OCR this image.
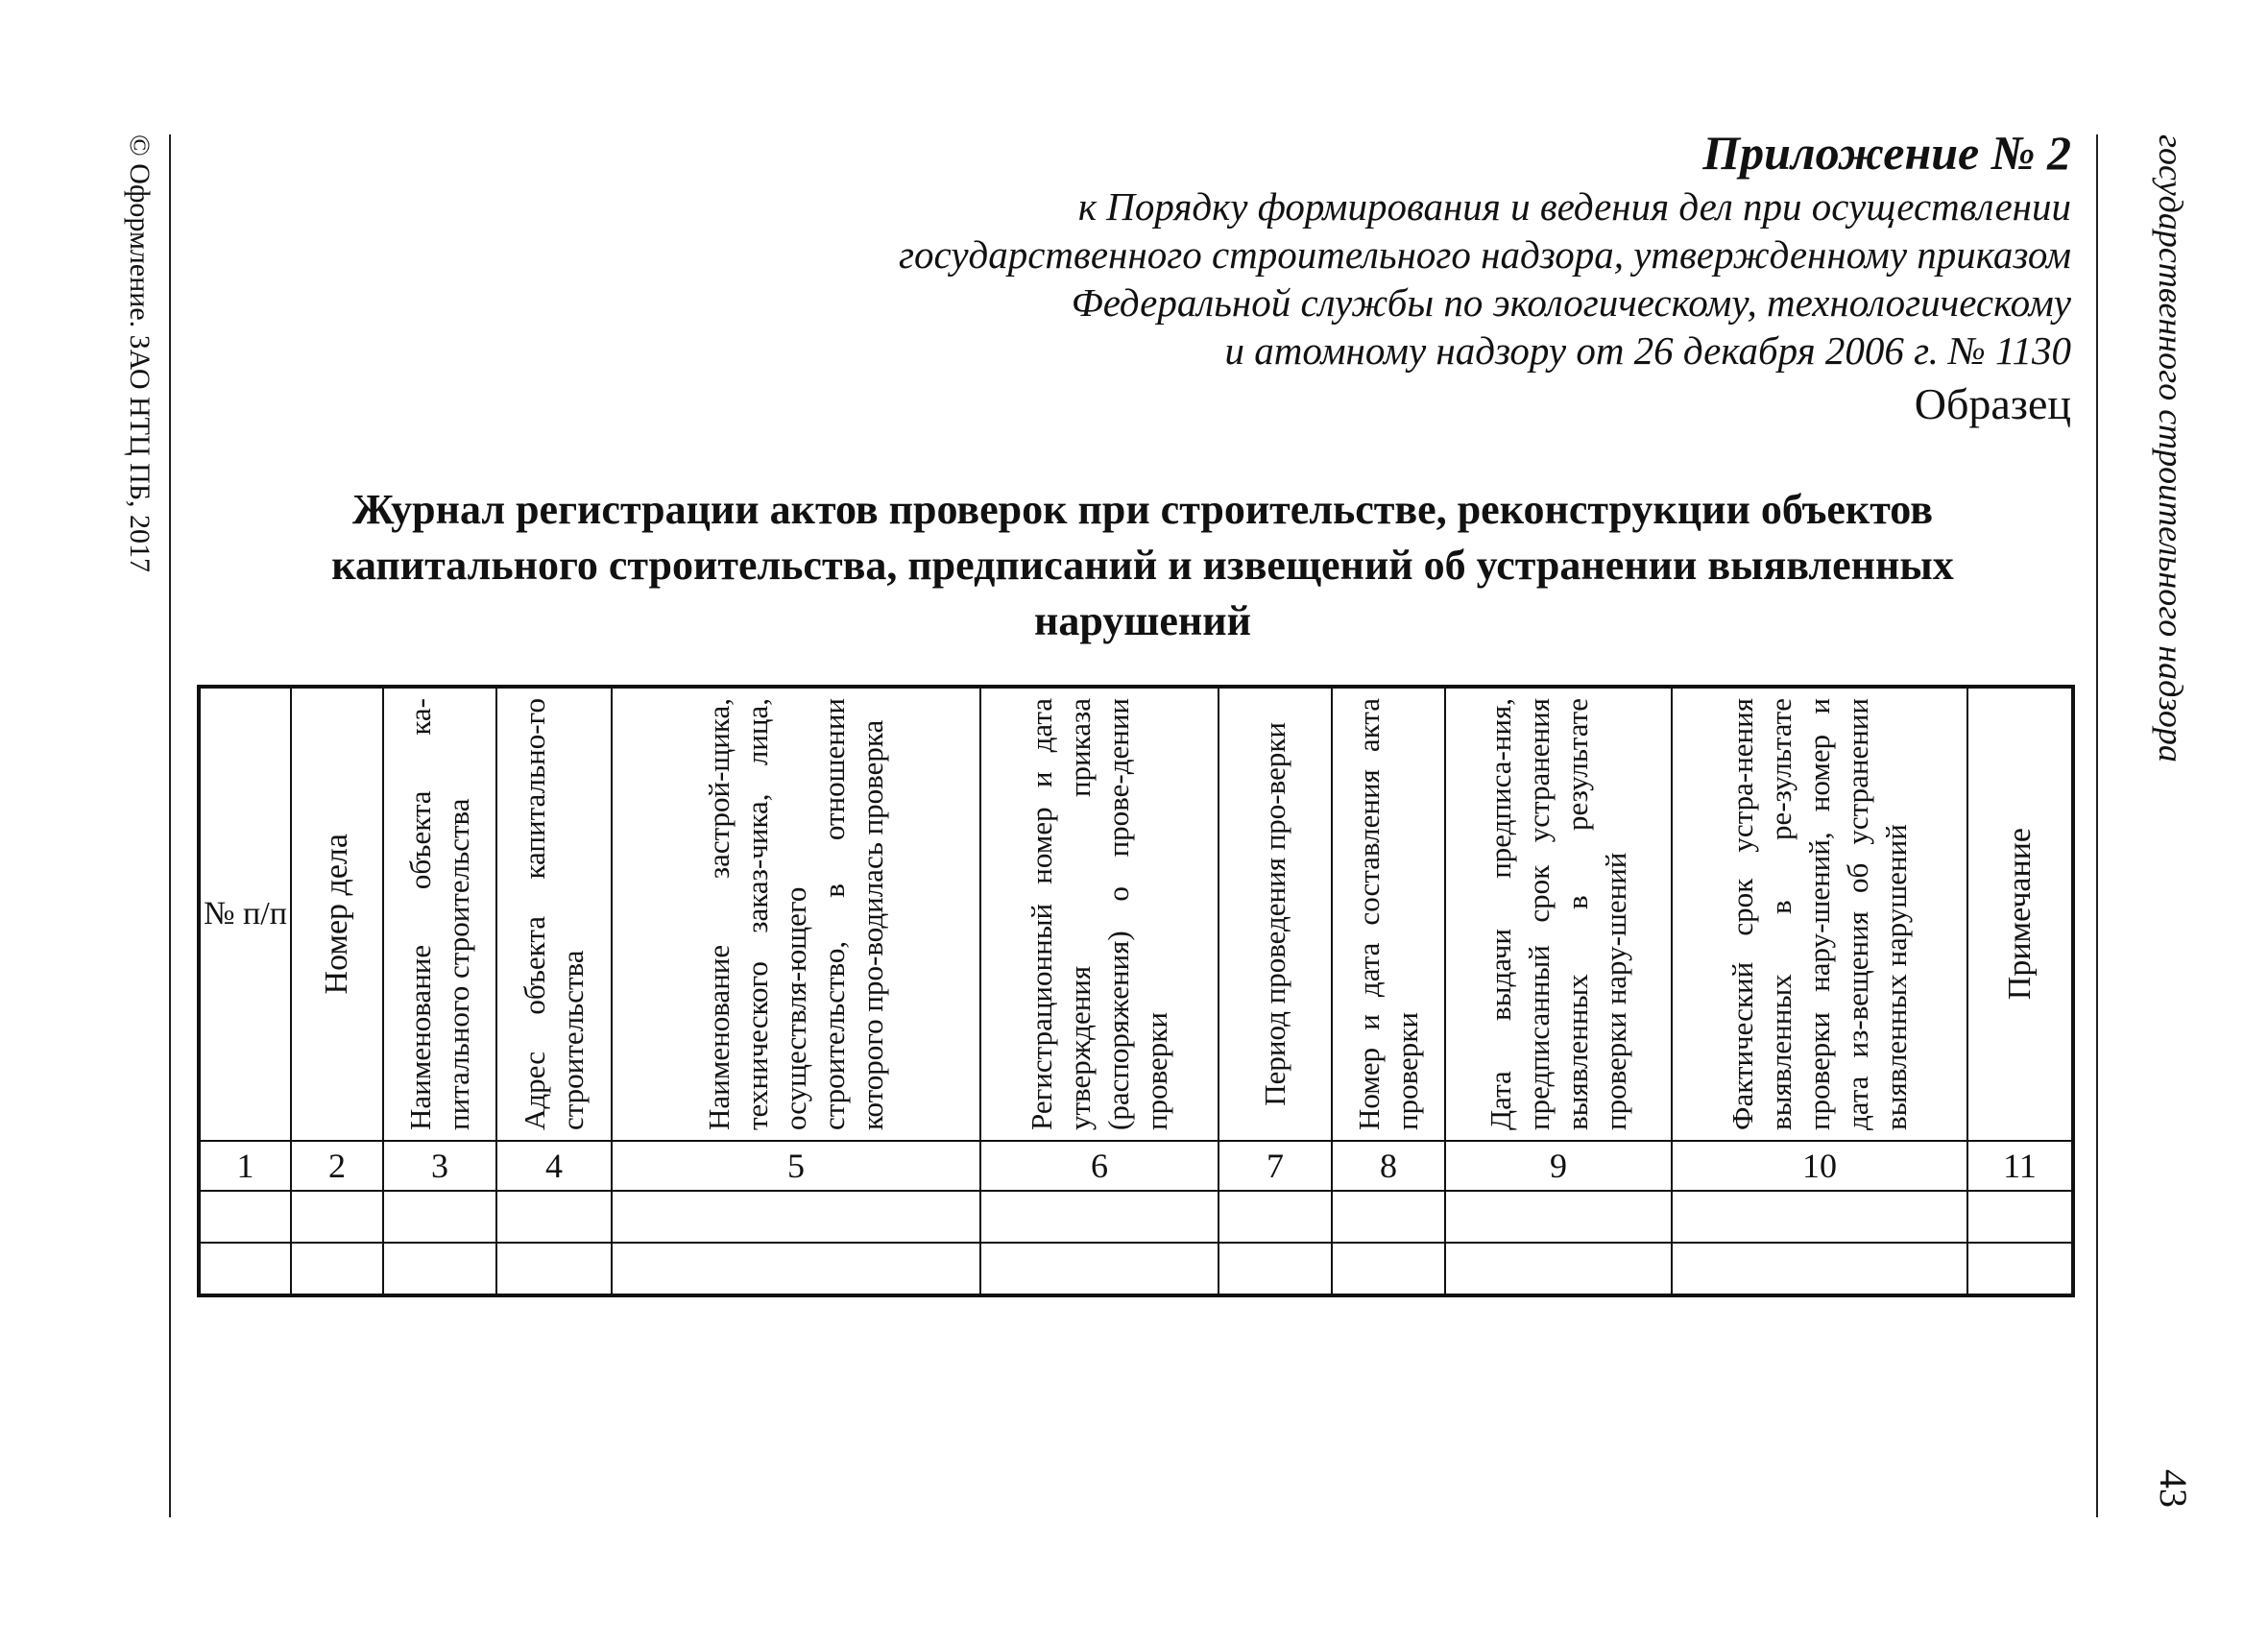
© Оформление. ЗАО НТЦ ПБ, 2017	государственного строительного надзора
43
Приложение № 2
к Порядку формирования и ведения дел при осуществлении
государственного строительного надзора, утвержденному приказом
Федеральной службы по экологическому, технологическому
и атомному надзору от 26 декабря 2006 г. № 1130
Образец
Журнал регистрации актов проверок при строительстве, реконструкции объектов
капитального строительства, предписаний и извещений об устранении выявленных
нарушений
№ п/п	Номер дела	Наименование объекта ка-питального строительства	Адрес объекта капитально-го строительства	Наименование застрой-щика, технического заказ-чика, лица, осуществля-ющего строительство, в отношении которого про-водилась проверка	Регистрационный номер и дата утверждения приказа (распоряжения) о прове-дении проверки	Период проведения про-верки	Номер и дата составления акта проверки	Дата выдачи предписа-ния, предписанный срок устранения выявленных в результате проверки нару-шений	Фактический срок устра-нения выявленных в ре-зультате проверки нару-шений, номер и дата из-вещения об устранении выявленных нарушений	Примечание

1	2	3	4	5	6	7	8	9	10	11
